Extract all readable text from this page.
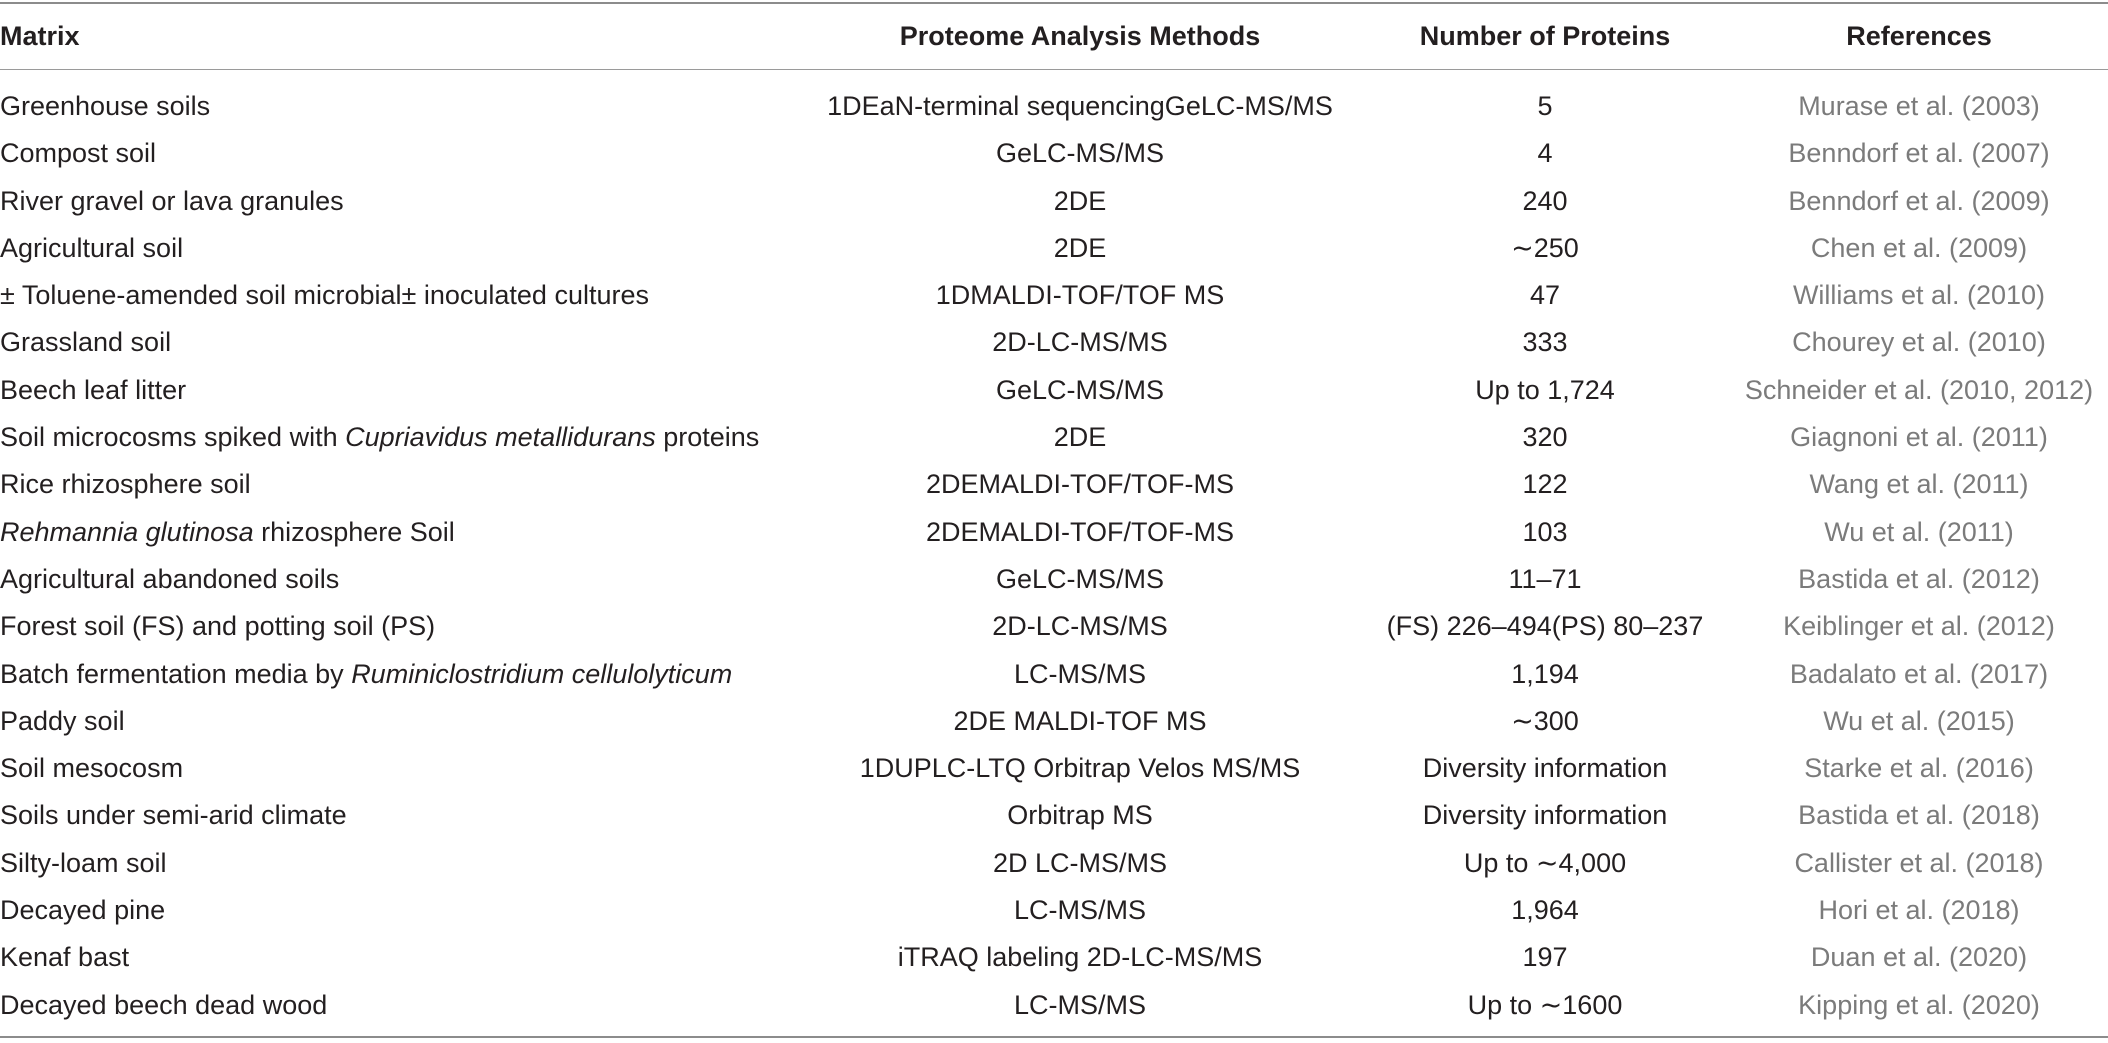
Matrix	Proteome Analysis Methods	Number of Proteins	References
Greenhouse soils	1DEaN-terminal sequencingGeLC-MS/MS	5	Murase et al. (2003)
Compost soil	GeLC-MS/MS	4	Benndorf et al. (2007)
River gravel or lava granules	2DE	240	Benndorf et al. (2009)
Agricultural soil	2DE	∼250	Chen et al. (2009)
± Toluene-amended soil microbial± inoculated cultures	1DMALDI-TOF/TOF MS	47	Williams et al. (2010)
Grassland soil	2D-LC-MS/MS	333	Chourey et al. (2010)
Beech leaf litter	GeLC-MS/MS	Up to 1,724	Schneider et al. (2010, 2012)
Soil microcosms spiked with Cupriavidus metallidurans proteins	2DE	320	Giagnoni et al. (2011)
Rice rhizosphere soil	2DEMALDI-TOF/TOF-MS	122	Wang et al. (2011)
Rehmannia glutinosa rhizosphere Soil	2DEMALDI-TOF/TOF-MS	103	Wu et al. (2011)
Agricultural abandoned soils	GeLC-MS/MS	11–71	Bastida et al. (2012)
Forest soil (FS) and potting soil (PS)	2D-LC-MS/MS	(FS) 226–494(PS) 80–237	Keiblinger et al. (2012)
Batch fermentation media by Ruminiclostridium cellulolyticum	LC-MS/MS	1,194	Badalato et al. (2017)
Paddy soil	2DE MALDI-TOF MS	∼300	Wu et al. (2015)
Soil mesocosm	1DUPLC-LTQ Orbitrap Velos MS/MS	Diversity information	Starke et al. (2016)
Soils under semi-arid climate	Orbitrap MS	Diversity information	Bastida et al. (2018)
Silty-loam soil	2D LC-MS/MS	Up to ∼4,000	Callister et al. (2018)
Decayed pine	LC-MS/MS	1,964	Hori et al. (2018)
Kenaf bast	iTRAQ labeling 2D-LC-MS/MS	197	Duan et al. (2020)
Decayed beech dead wood	LC-MS/MS	Up to ∼1600	Kipping et al. (2020)
